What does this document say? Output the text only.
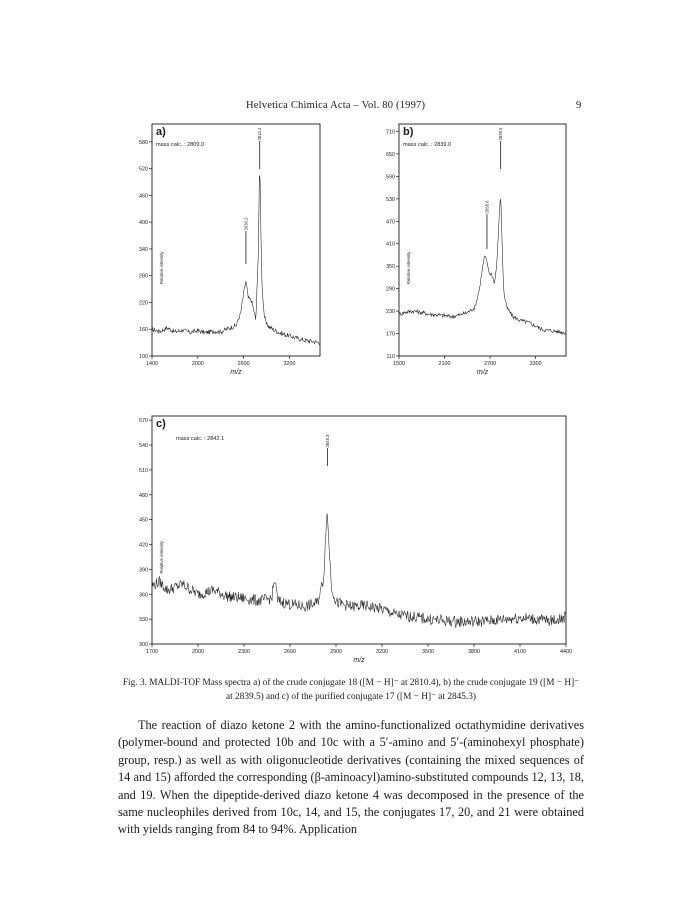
Helvetica Chimica Acta – Vol. 80 (1997)	9
100
160
220
280
340
400
460
520
580
1400	2000	2600	3200
m/z
Relative intensity
a)
mass calc. : 2809.0
2810.4
2630.2
110
170
230
290
350
410
470
530
590
650
710
1500	2100	2700	3300
m/z
Relative intensity
b)
mass calc. : 2839.0
2839.5
2658.6
300
330
360
390
420
450
480
510
540
570
1700	2000	2300	2600	2900	3200	3500	3800	4100	4400
m/z
Relative intensity
c)
mass calc. : 2842.1	2845.3
Fig. 3. MALDI-TOF Mass spectra a) of the crude conjugate 18 ([M − H]⁻ at 2810.4), b) the crude conjugate 19 ([M − H]⁻ at 2839.5) and c) of the purified conjugate 17 ([M − H]⁻ at 2845.3)

The reaction of diazo ketone 2 with the amino-functionalized octathymidine derivatives (polymer-bound and protected 10b and 10c with a 5′-amino and 5′-(aminohexyl phosphate) group, resp.) as well as with oligonucleotide derivatives (containing the mixed sequences of 14 and 15) afforded the corresponding (β-aminoacyl)amino-substituted compounds 12, 13, 18, and 19. When the dipeptide-derived diazo ketone 4 was decomposed in the presence of the same nucleophiles derived from 10c, 14, and 15, the conjugates 17, 20, and 21 were obtained with yields ranging from 84 to 94%. Application
